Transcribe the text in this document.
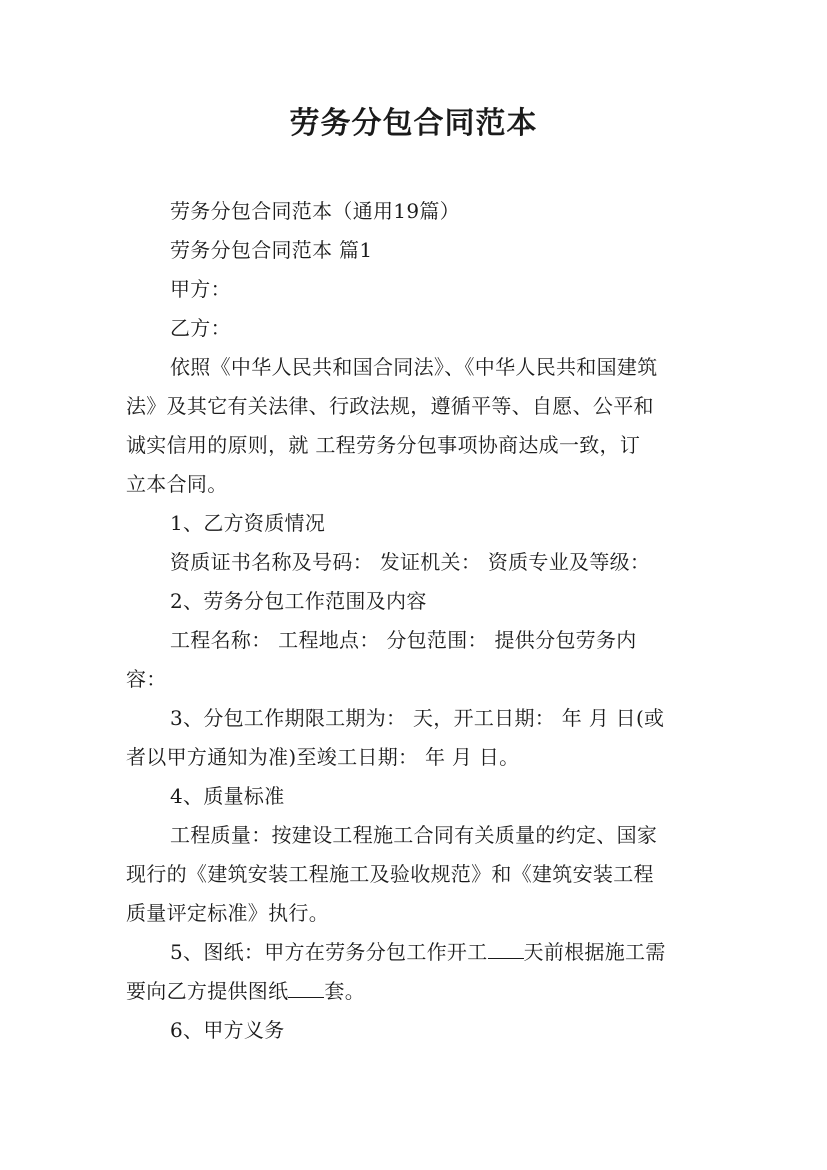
劳务分包合同范本
劳务分包合同范本（通用19篇）
劳务分包合同范本 篇1
甲方：
乙方：
依照《中华人民共和国合同法》、《中华人民共和国建筑
法》及其它有关法律、行政法规，遵循平等、自愿、公平和
诚实信用的原则，就 工程劳务分包事项协商达成一致，订
立本合同。
1、乙方资质情况
资质证书名称及号码： 发证机关： 资质专业及等级：
2、劳务分包工作范围及内容
工程名称： 工程地点： 分包范围： 提供分包劳务内
容：
3、分包工作期限工期为： 天，开工日期： 年 月 日(或
者以甲方通知为准)至竣工日期： 年 月 日。
4、质量标准
工程质量：按建设工程施工合同有关质量的约定、国家
现行的《建筑安装工程施工及验收规范》和《建筑安装工程
质量评定标准》执行。
5、图纸：甲方在劳务分包工作开工 天前根据施工需
要向乙方提供图纸 套。
6、甲方义务
